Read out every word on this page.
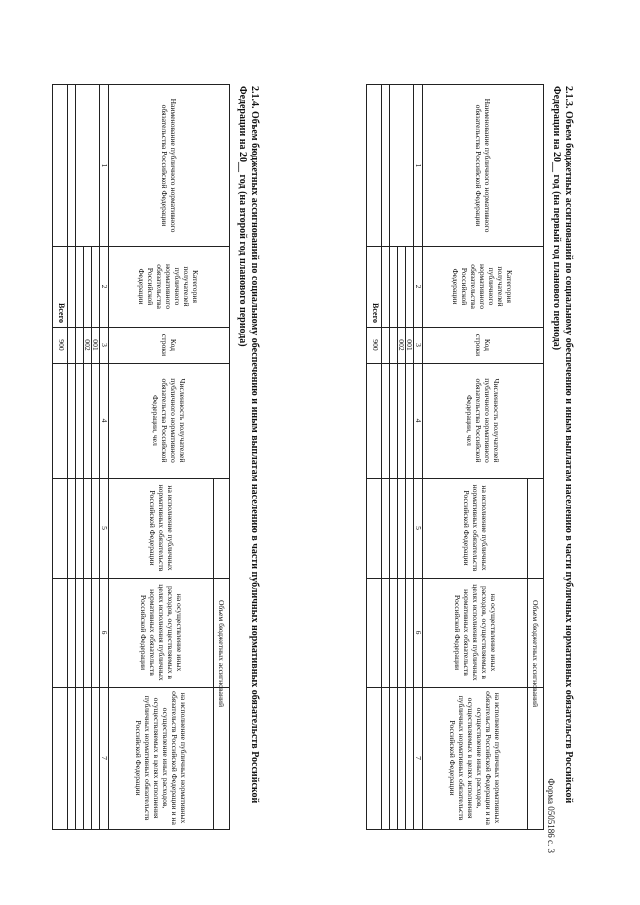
Форма 0505186 с. 3
2.1.3. Объем бюджетных ассигнований по социальному обеспечению и иным выплатам населению в части публичных нормативных обязательств Российской Федерации на 20__ год (на первый год планового периода)
Наименование публичного нормативного обязательства Российской Федерации
Категория получателей публичного нормативного обязательства Российской Федерации
Код строки
Численность получателей публичного нормативного обязательства Российской Федерации, чел
Объем бюджетных ассигнований
на исполнение публичных нормативных обязательств Российской Федерации
на осуществление иных расходов, осуществляемых в целях исполнения публичных нормативных обязательств Российской Федерации
на исполнение публичных нормативных обязательств Российской Федерации и на осуществление иных расходов, осуществляемых в целях исполнения публичных нормативных обязательств Российской Федерации
1
2
3
4
5
6
7
001
002
Всего
900
2.1.4. Объем бюджетных ассигнований по социальному обеспечению и иным выплатам населению в части публичных нормативных обязательств Российской Федерации на 20__ год (на второй год планового периода)
Наименование публичного нормативного обязательства Российской Федерации
Категория получателей публичного нормативного обязательства Российской Федерации
Код строки
Численность получателей публичного нормативного обязательства Российской Федерации, чел
Объем бюджетных ассигнований
на исполнение публичных нормативных обязательств Российской Федерации
на осуществление иных расходов, осуществляемых в целях исполнения публичных нормативных обязательств Российской Федерации
на исполнение публичных нормативных обязательств Российской Федерации и на осуществление иных расходов, осуществляемых в целях исполнения публичных нормативных обязательств Российской Федерации
1
2
3
4
5
6
7
001
002
Всего
900
